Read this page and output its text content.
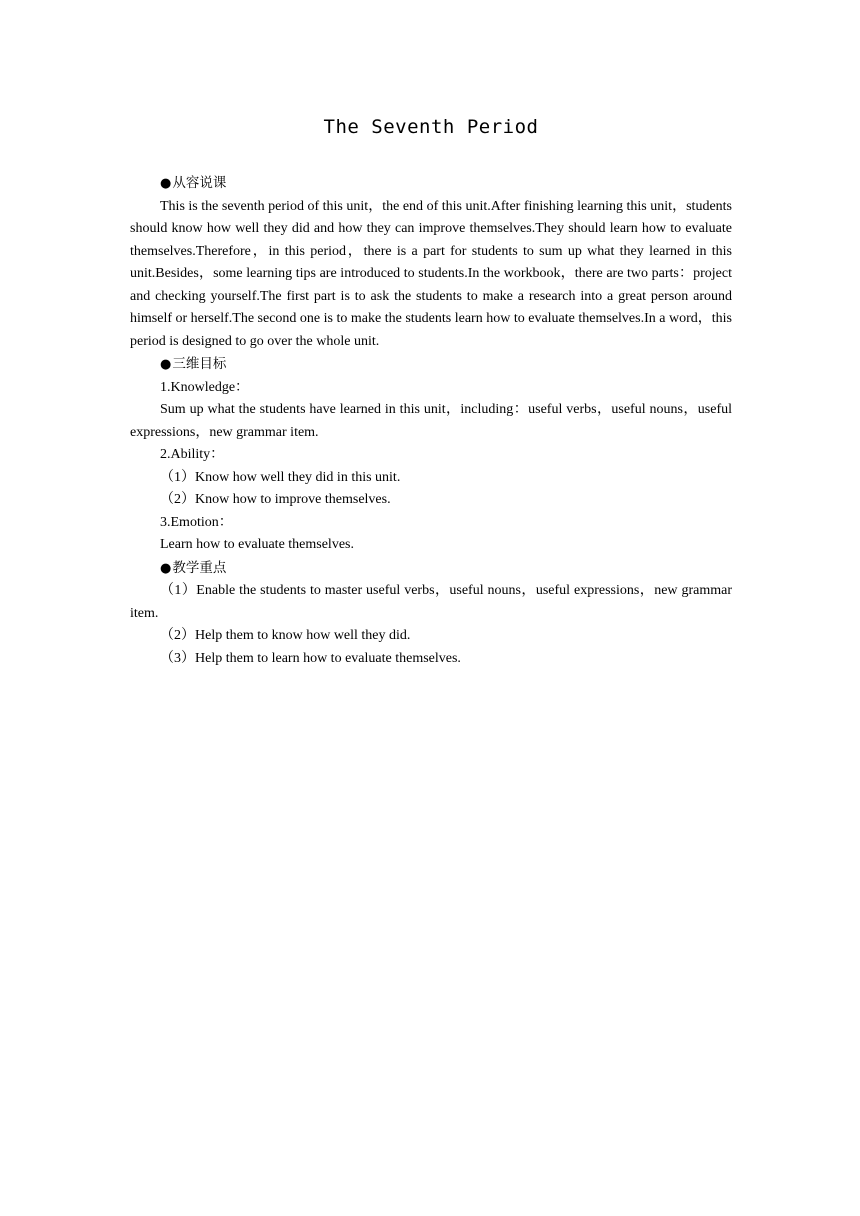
The Seventh Period

●从容说课

This is the seventh period of this unit，the end of this unit.After finishing learning this unit，students should know how well they did and how they can improve themselves.They should learn how to evaluate themselves.Therefore，in this period，there is a part for students to sum up what they learned in this unit.Besides，some learning tips are introduced to students.In the workbook，there are two parts：project and checking yourself.The first part is to ask the students to make a research into a great person around himself or herself.The second one is to make the students learn how to evaluate themselves.In a word，this period is designed to go over the whole unit.

●三维目标

1.Knowledge：

Sum up what the students have learned in this unit，including：useful verbs，useful nouns，useful expressions，new grammar item.

2.Ability：

（1）Know how well they did in this unit.

（2）Know how to improve themselves.

3.Emotion：

Learn how to evaluate themselves.

●教学重点

（1）Enable the students to master useful verbs，useful nouns，useful expressions，new grammar item.

（2）Help them to know how well they did.

（3）Help them to learn how to evaluate themselves.
